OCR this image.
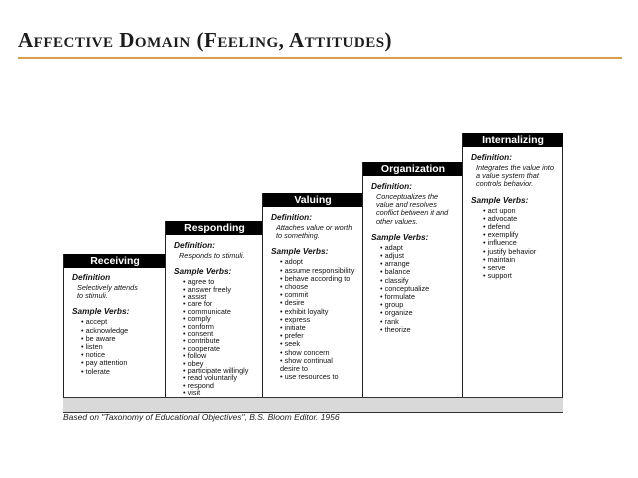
Affective Domain (Feeling, Attitudes)
Receiving
Definition
Selectively attends
to stimuli.
Sample Verbs:
• accept
• acknowledge
• be aware
• listen
• notice
• pay attention
• tolerate
Responding
Definition:
Responds to stimuli.
Sample Verbs:
• agree to
• answer freely
• assist
• care for
• communicate
• comply
• conform
• consent
• contribute
• cooperate
• follow
• obey
• participate willingly
• read voluntarily
• respond
• visit
•
Valuing
Definition:
Attaches value or worth
to something.
Sample Verbs:
• adopt
• assume responsibility
• behave according to
• choose
• commit
• desire
• exhibit loyalty
• express
• initiate
• prefer
• seek
• show concern
• show continual
desire to
• use resources to
Organization
Definition:
Conceptualizes the
value and resolves
conflict between it and
other values.
Sample Verbs:
• adapt
• adjust
• arrange
• balance
• classify
• conceptualize
• formulate
• group
• organize
• rank
• theorize
Internalizing
Definition:
Integrates the value into
a value system that
controls behavior.
Sample Verbs:
• act upon
• advocate
• defend
• exemplify
• influence
• justify behavior
• maintain
• serve
• support
Based on "Taxonomy of Educational Objectives", B.S. Bloom Editor. 1956
